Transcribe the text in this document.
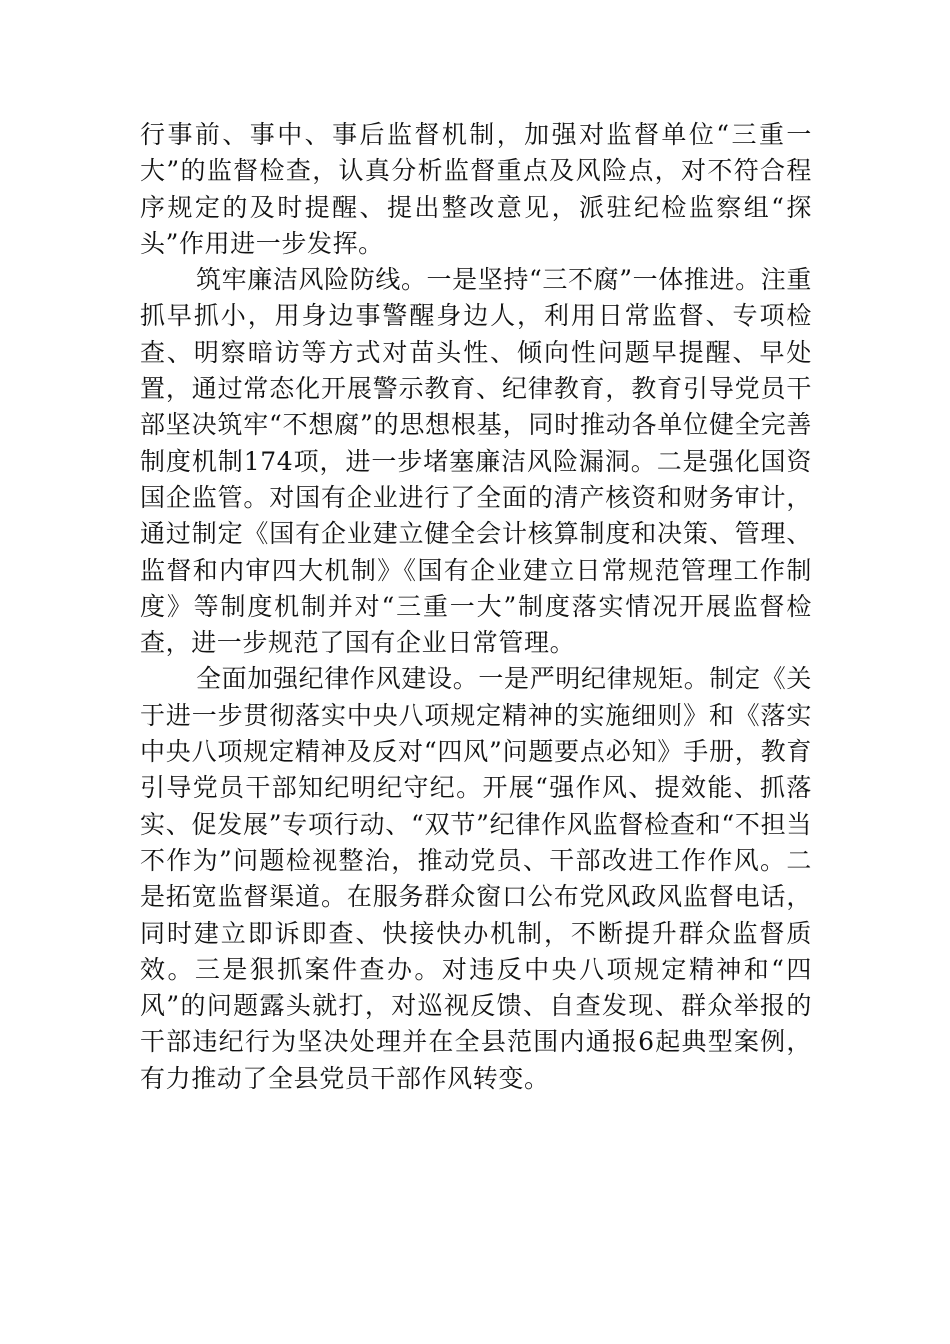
行事前、事中、事后监督机制，加强对监督单位“三重一大”的监督检查，认真分析监督重点及风险点，对不符合程序规定的及时提醒、提出整改意见，派驻纪检监察组“探头”作用进一步发挥。

筑牢廉洁风险防线。一是坚持“三不腐”一体推进。注重抓早抓小，用身边事警醒身边人，利用日常监督、专项检查、明察暗访等方式对苗头性、倾向性问题早提醒、早处置，通过常态化开展警示教育、纪律教育，教育引导党员干部坚决筑牢“不想腐”的思想根基，同时推动各单位健全完善制度机制174项，进一步堵塞廉洁风险漏洞。二是强化国资国企监管。对国有企业进行了全面的清产核资和财务审计，通过制定《国有企业建立健全会计核算制度和决策、管理、监督和内审四大机制》《国有企业建立日常规范管理工作制度》等制度机制并对“三重一大”制度落实情况开展监督检查，进一步规范了国有企业日常管理。

全面加强纪律作风建设。一是严明纪律规矩。制定《关于进一步贯彻落实中央八项规定精神的实施细则》和《落实中央八项规定精神及反对“四风”问题要点必知》手册，教育引导党员干部知纪明纪守纪。开展“强作风、提效能、抓落实、促发展”专项行动、“双节”纪律作风监督检查和“不担当不作为”问题检视整治，推动党员、干部改进工作作风。二是拓宽监督渠道。在服务群众窗口公布党风政风监督电话，同时建立即诉即查、快接快办机制，不断提升群众监督质效。三是狠抓案件查办。对违反中央八项规定精神和“四风”的问题露头就打，对巡视反馈、自查发现、群众举报的干部违纪行为坚决处理并在全县范围内通报6起典型案例，有力推动了全县党员干部作风转变。
